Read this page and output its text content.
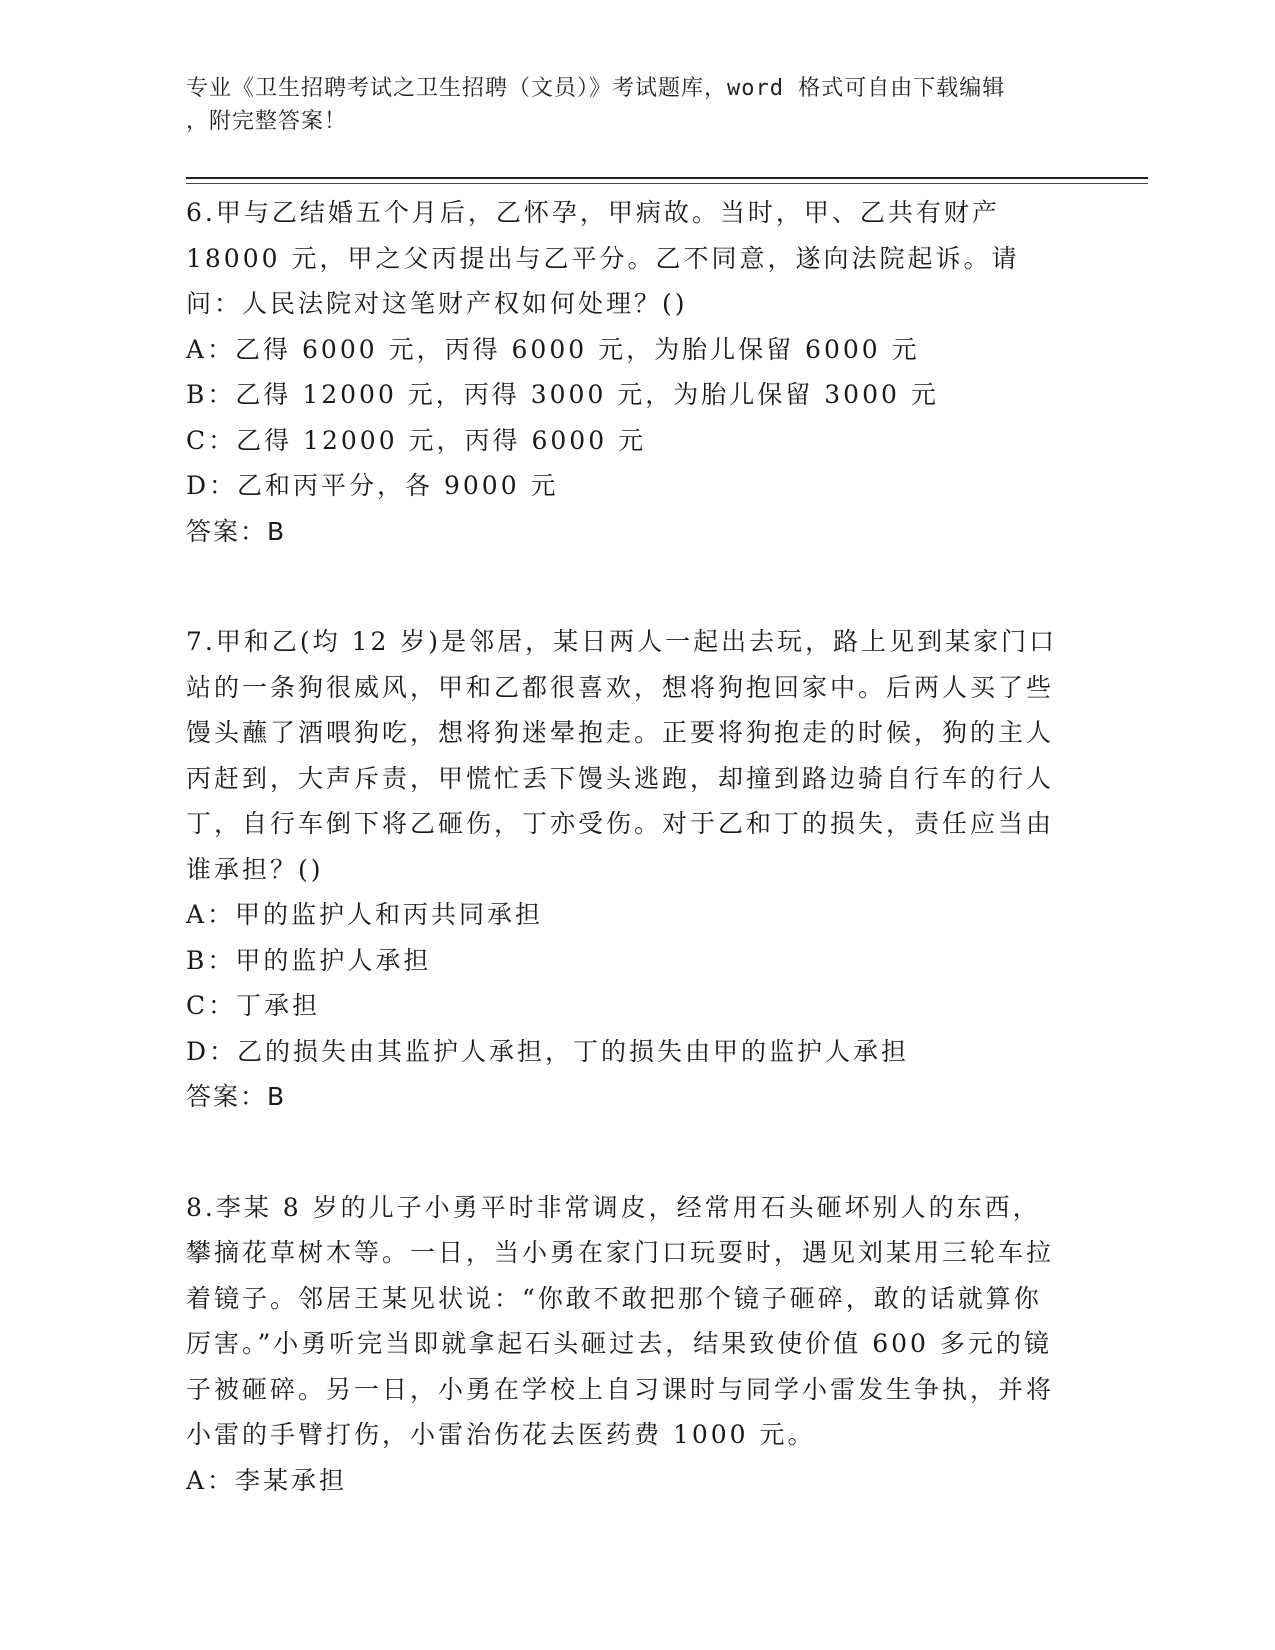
专业《卫生招聘考试之卫生招聘（文员）》考试题库，word 格式可自由下载编辑
，附完整答案！

6.甲与乙结婚五个月后，乙怀孕，甲病故。当时，甲、乙共有财产18000 元，甲之父丙提出与乙平分。乙不同意，遂向法院起诉。请问：人民法院对这笔财产权如何处理？()

A：乙得 6000 元，丙得 6000 元，为胎儿保留 6000 元

B：乙得 12000 元，丙得 3000 元，为胎儿保留 3000 元

C：乙得 12000 元，丙得 6000 元

D：乙和丙平分，各 9000 元

答案：B

7.甲和乙(均 12 岁)是邻居，某日两人一起出去玩，路上见到某家门口站的一条狗很威风，甲和乙都很喜欢，想将狗抱回家中。后两人买了些馒头蘸了酒喂狗吃，想将狗迷晕抱走。正要将狗抱走的时候，狗的主人丙赶到，大声斥责，甲慌忙丢下馒头逃跑，却撞到路边骑自行车的行人丁，自行车倒下将乙砸伤，丁亦受伤。对于乙和丁的损失，责任应当由谁承担？()

A：甲的监护人和丙共同承担

B：甲的监护人承担

C：丁承担

D：乙的损失由其监护人承担，丁的损失由甲的监护人承担

答案：B

8.李某 8 岁的儿子小勇平时非常调皮，经常用石头砸坏别人的东西，攀摘花草树木等。一日，当小勇在家门口玩耍时，遇见刘某用三轮车拉着镜子。邻居王某见状说：“你敢不敢把那个镜子砸碎，敢的话就算你厉害。”小勇听完当即就拿起石头砸过去，结果致使价值 600 多元的镜子被砸碎。另一日，小勇在学校上自习课时与同学小雷发生争执，并将小雷的手臂打伤，小雷治伤花去医药费 1000 元。

A：李某承担
